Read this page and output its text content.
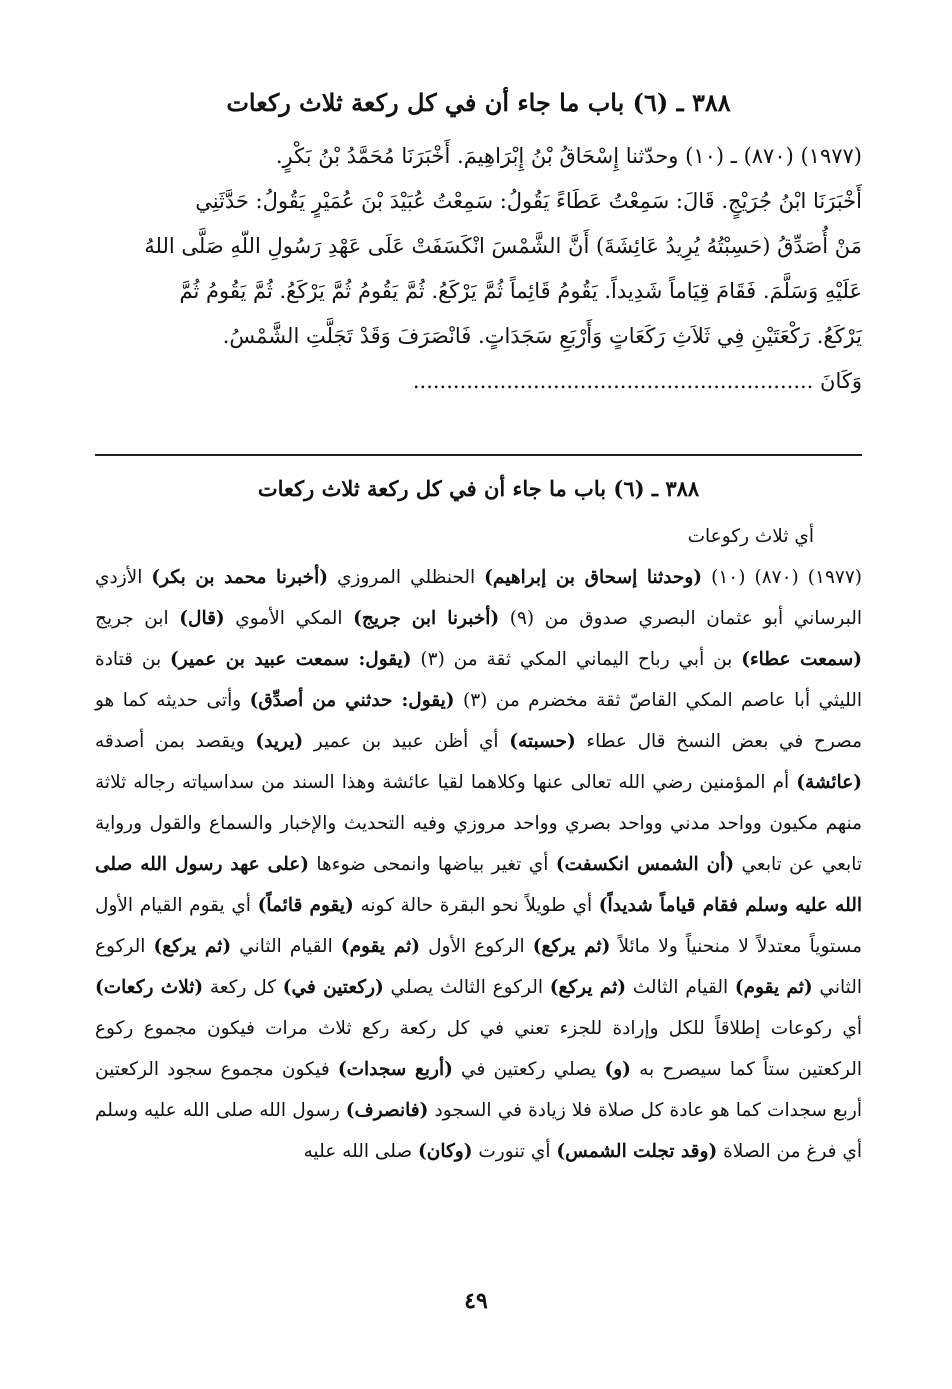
٣٨٨ ـ (٦) باب ما جاء أن في كل ركعة ثلاث ركعات

(١٩٧٧) (٨٧٠) ـ (١٠) وحدّثنا إِسْحَاقُ بْنُ إِبْرَاهِيمَ. أَخْبَرَنَا مُحَمَّدُ بْنُ بَكْرٍ.

أَخْبَرَنَا ابْنُ جُرَيْجٍ. قَالَ: سَمِعْتُ عَطَاءً يَقُولُ: سَمِعْتُ عُبَيْدَ بْنَ عُمَيْرٍ يَقُولُ: حَدَّثَنِي

مَنْ أُصَدِّقُ (حَسِبْتُهُ يُرِيدُ عَائِشَةَ) أَنَّ الشَّمْسَ انْكَسَفَتْ عَلَى عَهْدِ رَسُولِ اللّهِ صَلَّى اللهُ

عَلَيْهِ وَسَلَّمَ. فَقَامَ قِيَاماً شَدِيداً. يَقُومُ قَائِماً ثُمَّ يَرْكَعُ. ثُمَّ يَقُومُ ثُمَّ يَرْكَعُ. ثُمَّ يَقُومُ ثُمَّ

يَرْكَعُ. رَكْعَتَيْنِ فِي ثَلاَثِ رَكَعَاتٍ وَأَرْبَعِ سَجَدَاتٍ. فَانْصَرَفَ وَقَدْ تَجَلَّتِ الشَّمْسُ.

وَكَانَ ............................................................

٣٨٨ ـ (٦) باب ما جاء أن في كل ركعة ثلاث ركعات

أي ثلاث ركوعات

(١٩٧٧) (٨٧٠) (١٠) (وحدثنا إسحاق بن إبراهيم) الحنظلي المروزي (أخبرنا محمد بن بكر) الأزدي البرساني أبو عثمان البصري صدوق من (٩) (أخبرنا ابن جريج) المكي الأموي (قال) ابن جريج (سمعت عطاء) بن أبي رباح اليماني المكي ثقة من (٣) (يقول: سمعت عبيد بن عمير) بن قتادة الليثي أبا عاصم المكي القاصّ ثقة مخضرم من (٣) (يقول: حدثني من أصدِّق) وأتى حديثه كما هو مصرح في بعض النسخ قال عطاء (حسبته) أي أظن عبيد بن عمير (يريد) ويقصد بمن أصدقه (عائشة) أم المؤمنين رضي الله تعالى عنها وكلاهما لقيا عائشة وهذا السند من سداسياته رجاله ثلاثة منهم مكيون وواحد مدني وواحد بصري وواحد مروزي وفيه التحديث والإخبار والسماع والقول ورواية تابعي عن تابعي (أن الشمس انكسفت) أي تغير بياضها وانمحى ضوءها (على عهد رسول الله صلى الله عليه وسلم فقام قياماً شديداً) أي طويلاً نحو البقرة حالة كونه (يقوم قائماً) أي يقوم القيام الأول مستوياً معتدلاً لا منحنياً ولا مائلاً (ثم يركع) الركوع الأول (ثم يقوم) القيام الثاني (ثم يركع) الركوع الثاني (ثم يقوم) القيام الثالث (ثم يركع) الركوع الثالث يصلي (ركعتين في) كل ركعة (ثلاث ركعات) أي ركوعات إطلاقاً للكل وإرادة للجزء تعني في كل ركعة ركع ثلاث مرات فيكون مجموع ركوع الركعتين ستاً كما سيصرح به (و) يصلي ركعتين في (أربع سجدات) فيكون مجموع سجود الركعتين أربع سجدات كما هو عادة كل صلاة فلا زيادة في السجود (فانصرف) رسول الله صلى الله عليه وسلم أي فرغ من الصلاة (وقد تجلت الشمس) أي تنورت (وكان) صلى الله عليه

٤٩
